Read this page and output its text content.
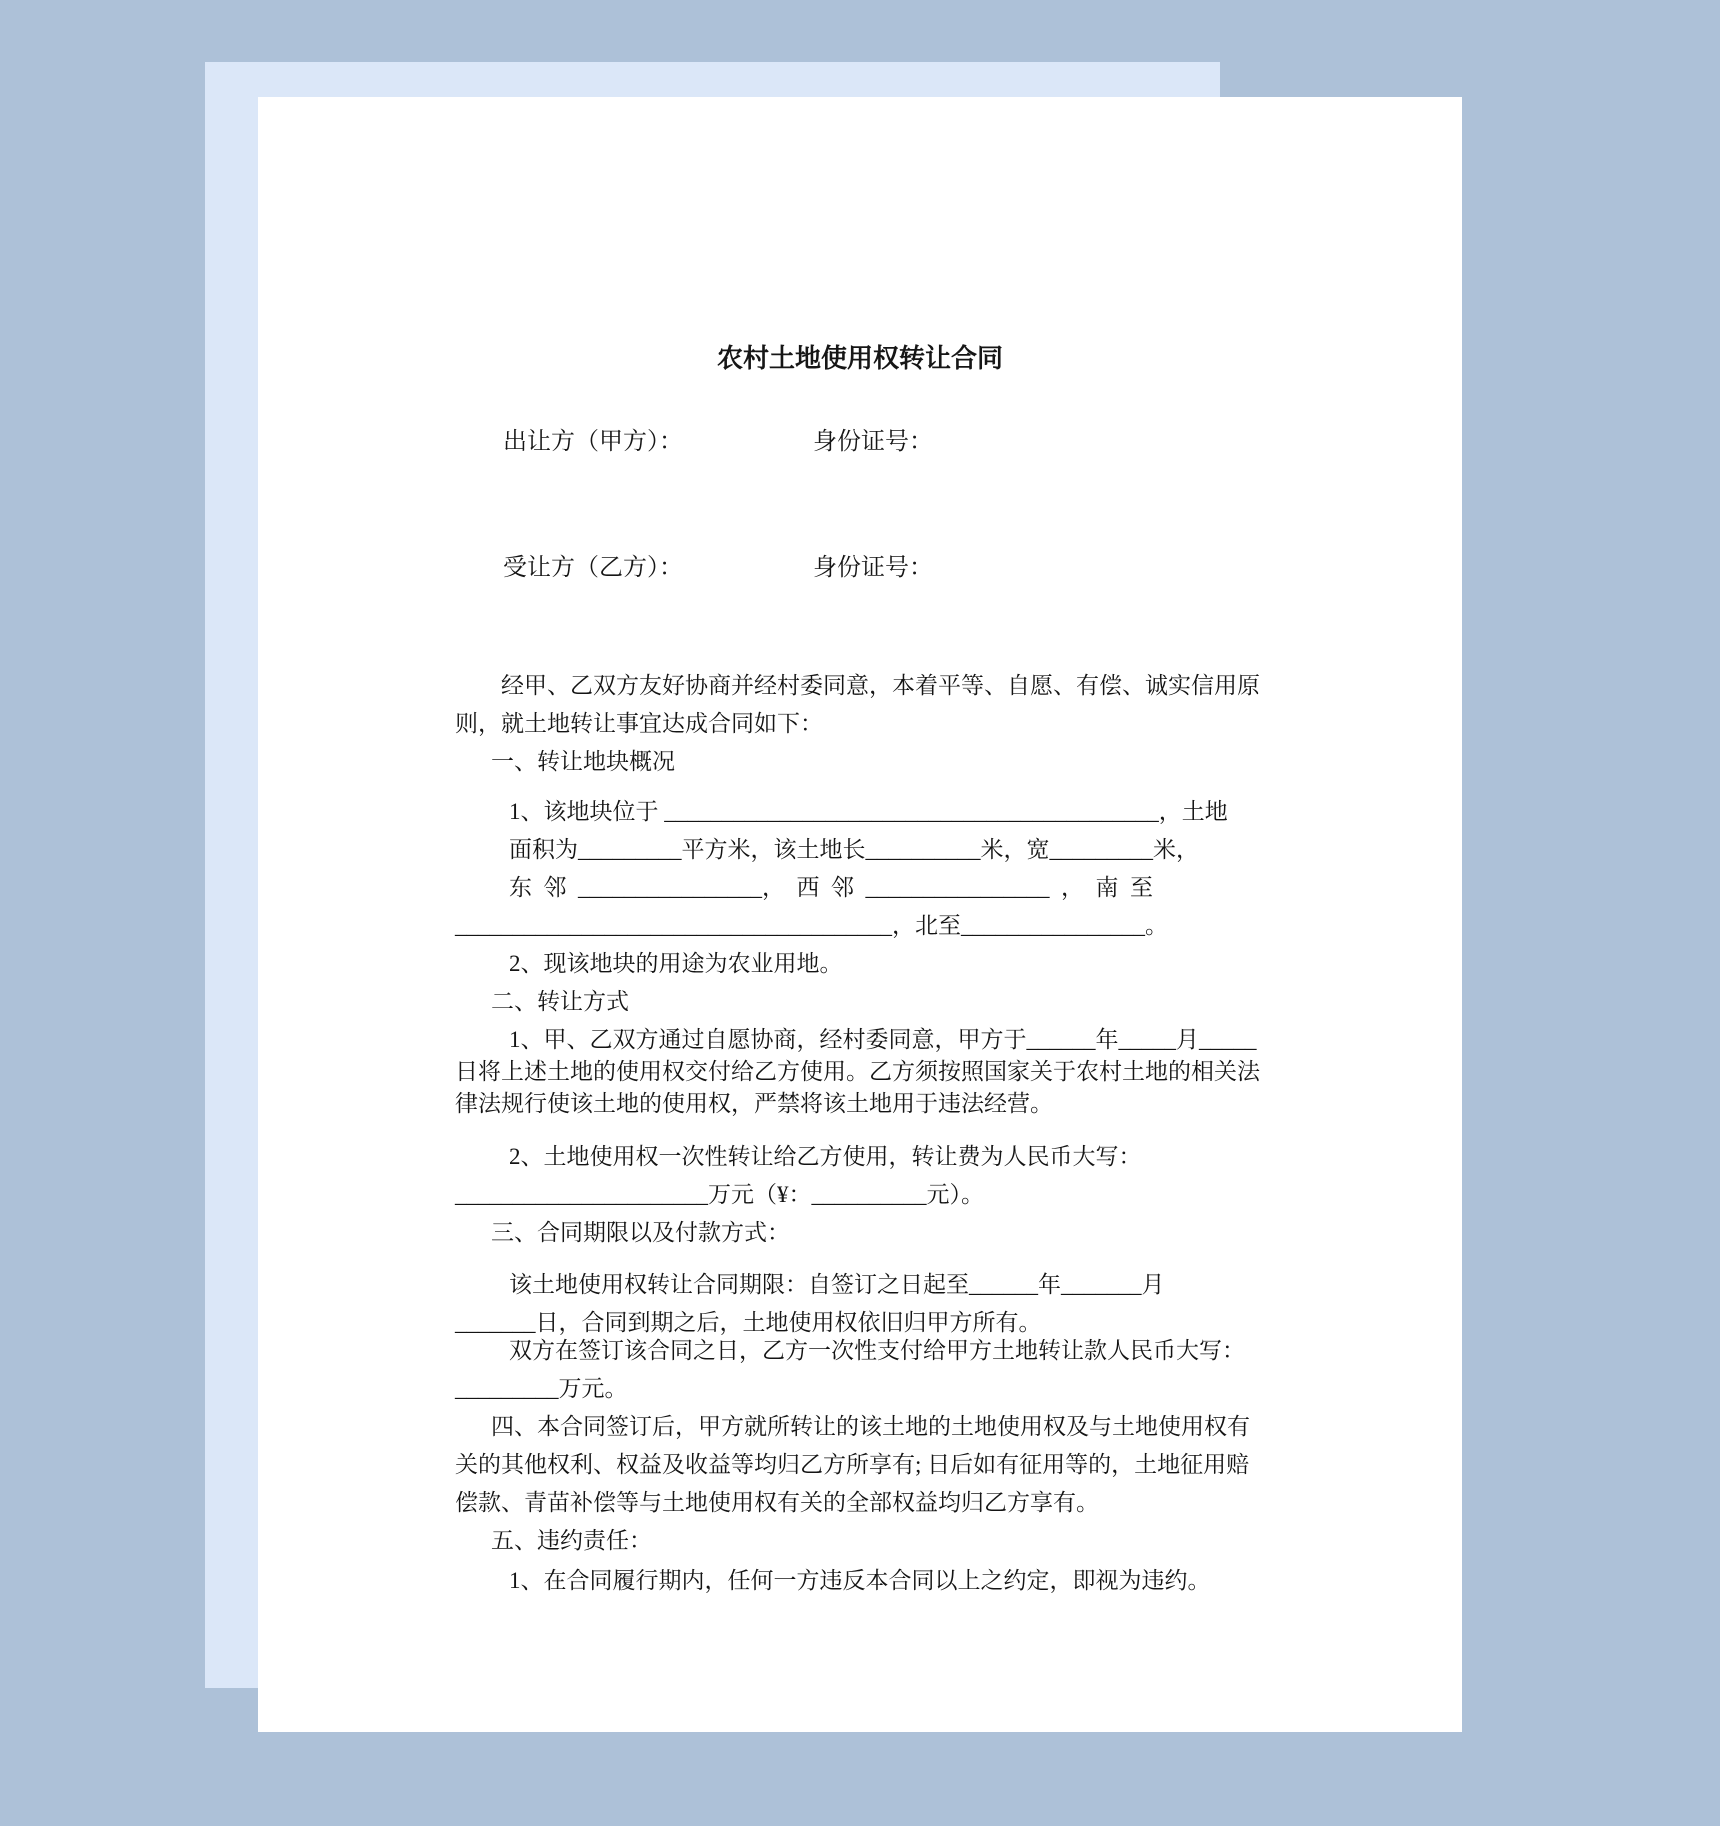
农村土地使用权转让合同

出让方（甲方）：	身份证号：

受让方（乙方）：	身份证号：

经甲、乙双方友好协商并经村委同意，本着平等、自愿、有偿、诚实信用原
则，就土地转让事宜达成合同如下：
一、转让地块概况
1、该地块位于 ___________________________________________，土地
面积为_________平方米，该土地长__________米，宽_________米，
东  邻  ________________，  西  邻  ________________  ，  南  至
______________________________________，北至________________。
2、现该地块的用途为农业用地。
二、转让方式
1、甲、乙双方通过自愿协商，经村委同意，甲方于______年_____月_____
日将上述土地的使用权交付给乙方使用。乙方须按照国家关于农村土地的相关法
律法规行使该土地的使用权，严禁将该土地用于违法经营。
2、土地使用权一次性转让给乙方使用，转让费为人民币大写：
______________________万元（¥：__________元）。
三、合同期限以及付款方式：
该土地使用权转让合同期限：自签订之日起至______年_______月
_______日，合同到期之后，土地使用权依旧归甲方所有。
双方在签订该合同之日，乙方一次性支付给甲方土地转让款人民币大写：
_________万元。
四、本合同签订后，甲方就所转让的该土地的土地使用权及与土地使用权有
关的其他权利、权益及收益等均归乙方所享有; 日后如有征用等的，土地征用赔
偿款、青苗补偿等与土地使用权有关的全部权益均归乙方享有。
五、违约责任：
1、在合同履行期内，任何一方违反本合同以上之约定，即视为违约。
